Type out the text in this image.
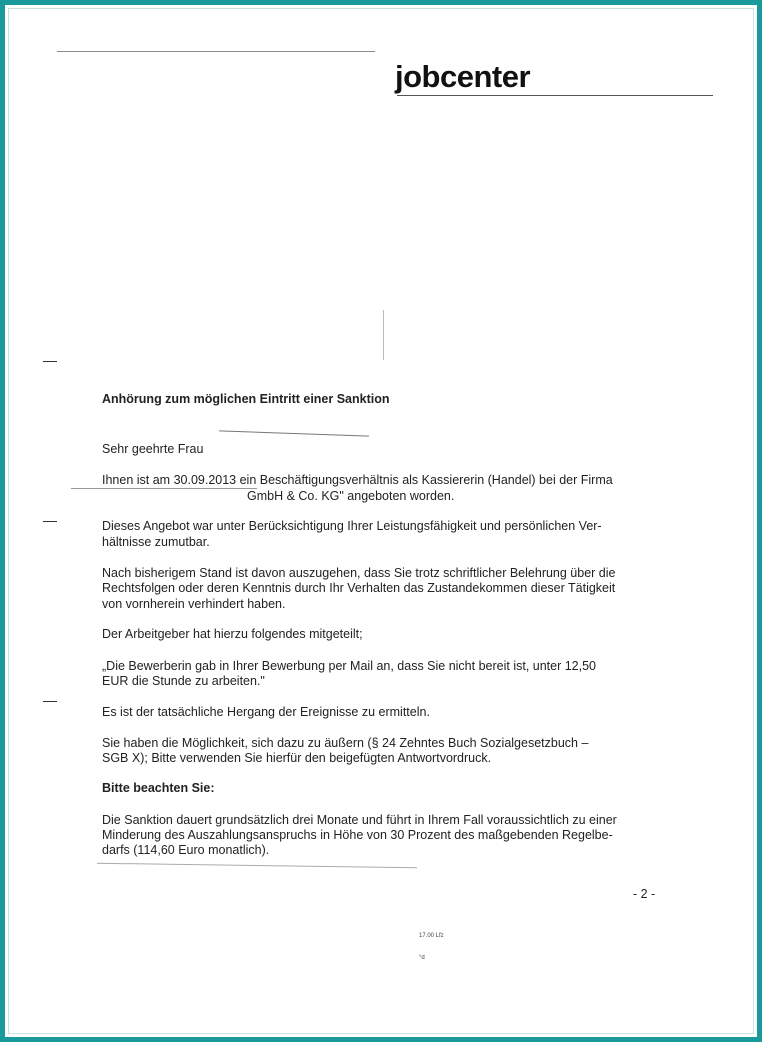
jobcenter
Anhörung zum möglichen Eintritt einer Sanktion
Sehr geehrte Frau
Ihnen ist am 30.09.2013 ein Beschäftigungsverhältnis als Kassiererin (Handel) bei der Firma
GmbH & Co. KG" angeboten worden.
Dieses Angebot war unter Berücksichtigung Ihrer Leistungsfähigkeit und persönlichen Ver-
hältnisse zumutbar.
Nach bisherigem Stand ist davon auszugehen, dass Sie trotz schriftlicher Belehrung über die
Rechtsfolgen oder deren Kenntnis durch Ihr Verhalten das Zustandekommen dieser Tätigkeit
von vornherein verhindert haben.
Der Arbeitgeber hat hierzu folgendes mitgeteilt;
„Die Bewerberin gab in Ihrer Bewerbung per Mail an, dass Sie nicht bereit ist, unter 12,50
EUR die Stunde zu arbeiten."
Es ist der tatsächliche Hergang der Ereignisse zu ermitteln.
Sie haben die Möglichkeit, sich dazu zu äußern (§ 24 Zehntes Buch Sozialgesetzbuch –
SGB X); Bitte verwenden Sie hierfür den beigefügten Antwortvordruck.
Bitte beachten Sie:
Die Sanktion dauert grundsätzlich drei Monate und führt in Ihrem Fall voraussichtlich zu einer
Minderung des Auszahlungsanspruchs in Höhe von 30 Prozent des maßgebenden Regelbe-
darfs (114,60 Euro monatlich).
- 2 -
17.00 Lfz
°d
